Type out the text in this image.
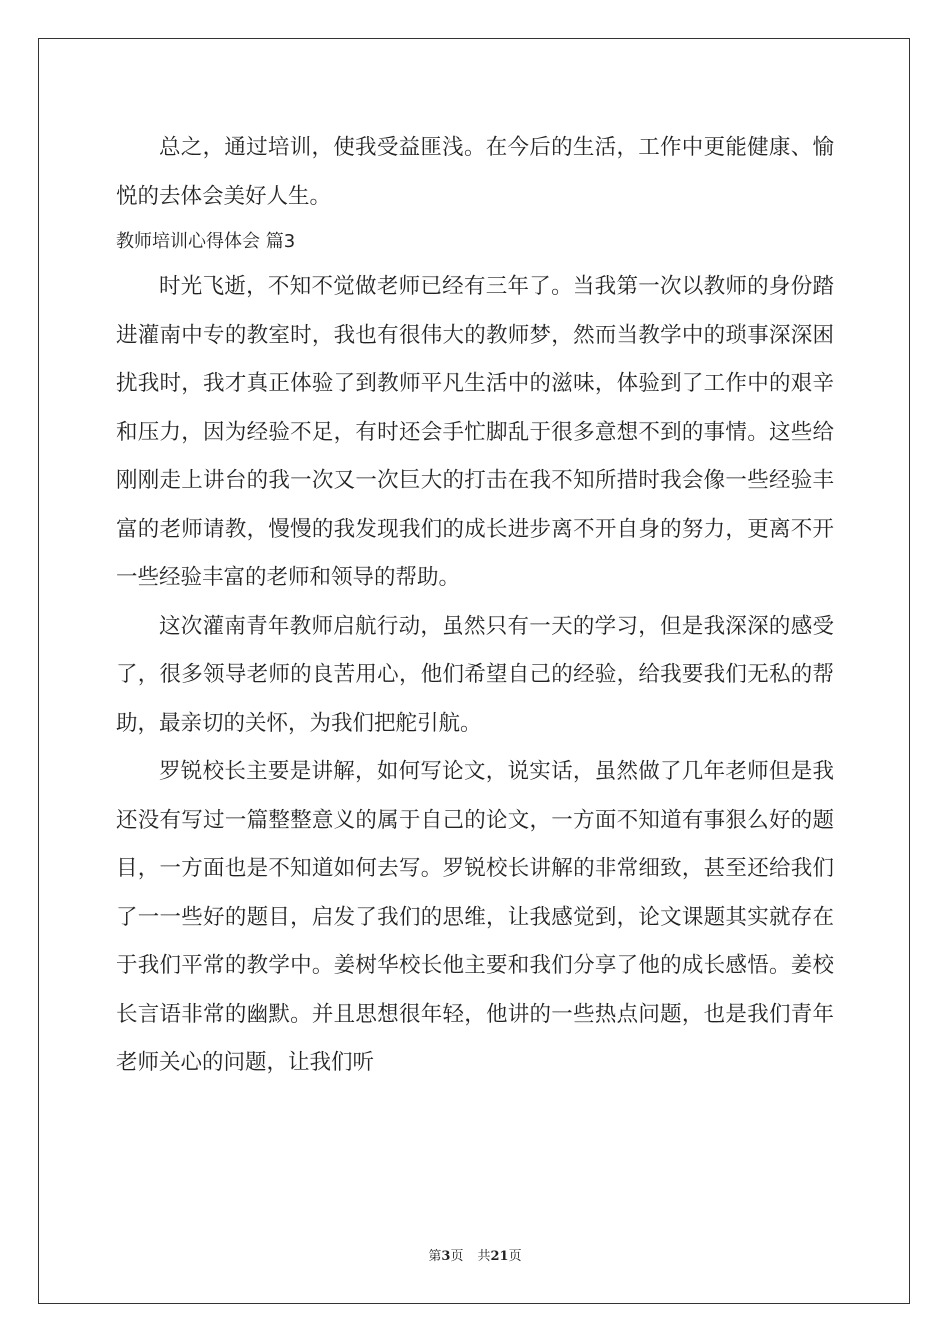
总之，通过培训，使我受益匪浅。在今后的生活，工作中更能健康、愉悦的去体会美好人生。

教师培训心得体会 篇3

时光飞逝，不知不觉做老师已经有三年了。当我第一次以教师的身份踏进灌南中专的教室时，我也有很伟大的教师梦，然而当教学中的琐事深深困扰我时，我才真正体验了到教师平凡生活中的滋味，体验到了工作中的艰辛和压力，因为经验不足，有时还会手忙脚乱于很多意想不到的事情。这些给刚刚走上讲台的我一次又一次巨大的打击在我不知所措时我会像一些经验丰富的老师请教，慢慢的我发现我们的成长进步离不开自身的努力，更离不开一些经验丰富的老师和领导的帮助。

这次灌南青年教师启航行动，虽然只有一天的学习，但是我深深的感受了，很多领导老师的良苦用心，他们希望自己的经验，给我要我们无私的帮助，最亲切的关怀，为我们把舵引航。

罗锐校长主要是讲解，如何写论文，说实话，虽然做了几年老师但是我还没有写过一篇整整意义的属于自己的论文，一方面不知道有事狠么好的题目，一方面也是不知道如何去写。罗锐校长讲解的非常细致，甚至还给我们了一一些好的题目，启发了我们的思维，让我感觉到，论文课题其实就存在于我们平常的教学中。姜树华校长他主要和我们分享了他的成长感悟。姜校长言语非常的幽默。并且思想很年轻，他讲的一些热点问题，也是我们青年老师关心的问题，让我们听

第3页 共21页
